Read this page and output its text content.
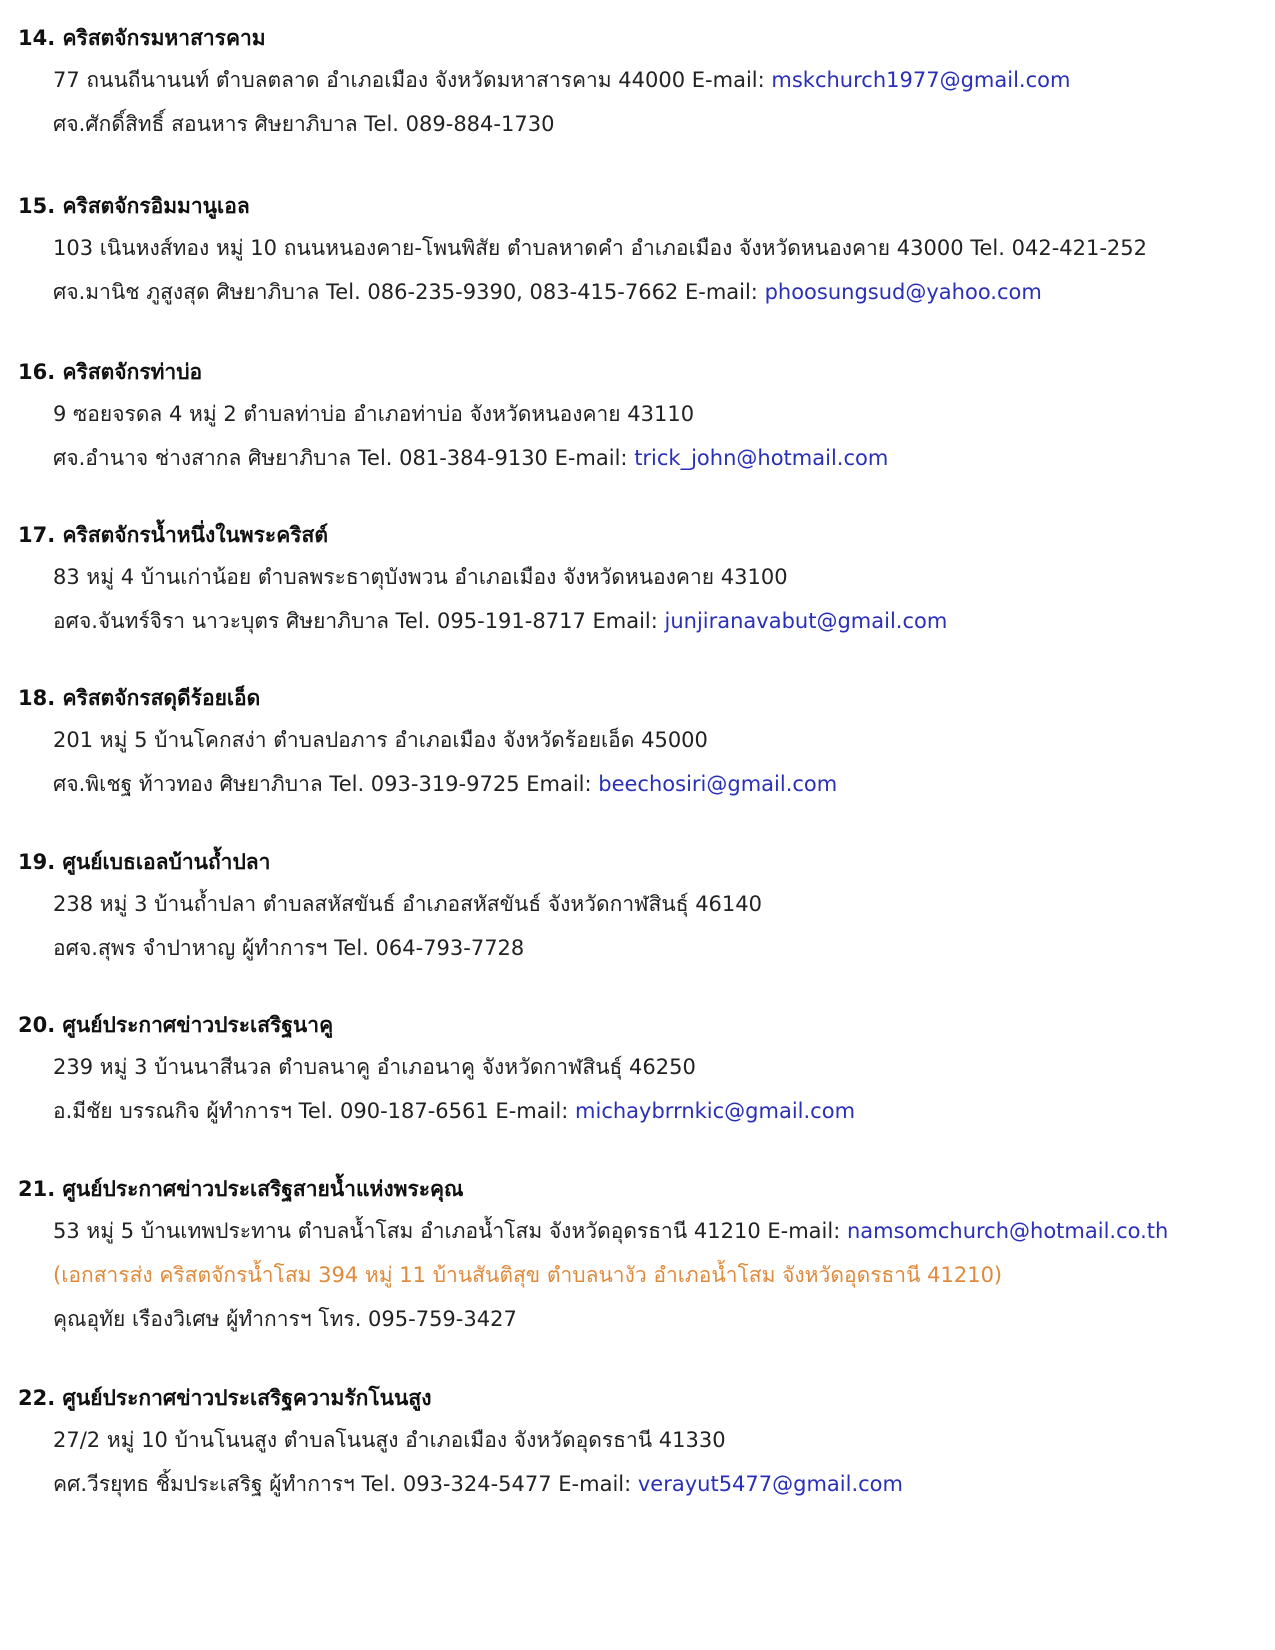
14. คริสตจักรมหาสารคาม
77 ถนนถีนานนท์ ตำบลตลาด อำเภอเมือง จังหวัดมหาสารคาม 44000 E-mail: mskchurch1977@gmail.com
ศจ.ศักดิ์สิทธิ์ สอนหาร ศิษยาภิบาล Tel. 089-884-1730
15. คริสตจักรอิมมานูเอล
103 เนินหงส์ทอง หมู่ 10 ถนนหนองคาย-โพนพิสัย ตำบลหาดคำ อำเภอเมือง จังหวัดหนองคาย 43000 Tel. 042-421-252
ศจ.มานิช ภูสูงสุด ศิษยาภิบาล Tel. 086-235-9390, 083-415-7662 E-mail: phoosungsud@yahoo.com
16. คริสตจักรท่าบ่อ
9 ซอยจรดล 4 หมู่ 2 ตำบลท่าบ่อ อำเภอท่าบ่อ จังหวัดหนองคาย 43110
ศจ.อำนาจ ช่างสากล ศิษยาภิบาล Tel. 081-384-9130 E-mail: trick_john@hotmail.com
17. คริสตจักรน้ำหนึ่งในพระคริสต์
83 หมู่ 4 บ้านเก่าน้อย ตำบลพระธาตุบังพวน อำเภอเมือง จังหวัดหนองคาย 43100
อศจ.จันทร์จิรา นาวะบุตร ศิษยาภิบาล Tel. 095-191-8717 Email: junjiranavabut@gmail.com
18. คริสตจักรสดุดีร้อยเอ็ด
201 หมู่ 5 บ้านโคกสง่า ตำบลปอภาร อำเภอเมือง จังหวัดร้อยเอ็ด 45000
ศจ.พิเชฐ ท้าวทอง ศิษยาภิบาล Tel. 093-319-9725 Email: beechosiri@gmail.com
19. ศูนย์เบธเอลบ้านถ้ำปลา
238 หมู่ 3 บ้านถ้ำปลา ตำบลสหัสขันธ์ อำเภอสหัสขันธ์ จังหวัดกาฬสินธุ์ 46140
อศจ.สุพร จำปาหาญ ผู้ทำการฯ Tel. 064-793-7728
20. ศูนย์ประกาศข่าวประเสริฐนาคู
239 หมู่ 3 บ้านนาสีนวล ตำบลนาคู อำเภอนาคู จังหวัดกาฬสินธุ์ 46250
อ.มีชัย บรรณกิจ ผู้ทำการฯ Tel. 090-187-6561 E-mail: michaybrrnkic@gmail.com
21. ศูนย์ประกาศข่าวประเสริฐสายน้ำแห่งพระคุณ
53 หมู่ 5 บ้านเทพประทาน ตำบลน้ำโสม อำเภอน้ำโสม จังหวัดอุดรธานี 41210 E-mail: namsomchurch@hotmail.co.th
(เอกสารส่ง คริสตจักรน้ำโสม 394 หมู่ 11 บ้านสันติสุข ตำบลนางัว อำเภอน้ำโสม จังหวัดอุดรธานี 41210)
คุณอุทัย เรืองวิเศษ ผู้ทำการฯ โทร. 095-759-3427
22. ศูนย์ประกาศข่าวประเสริฐความรักโนนสูง
27/2 หมู่ 10 บ้านโนนสูง ตำบลโนนสูง อำเภอเมือง จังหวัดอุดรธานี 41330
คศ.วีรยุทธ ชิ้มประเสริฐ ผู้ทำการฯ Tel. 093-324-5477 E-mail: verayut5477@gmail.com
